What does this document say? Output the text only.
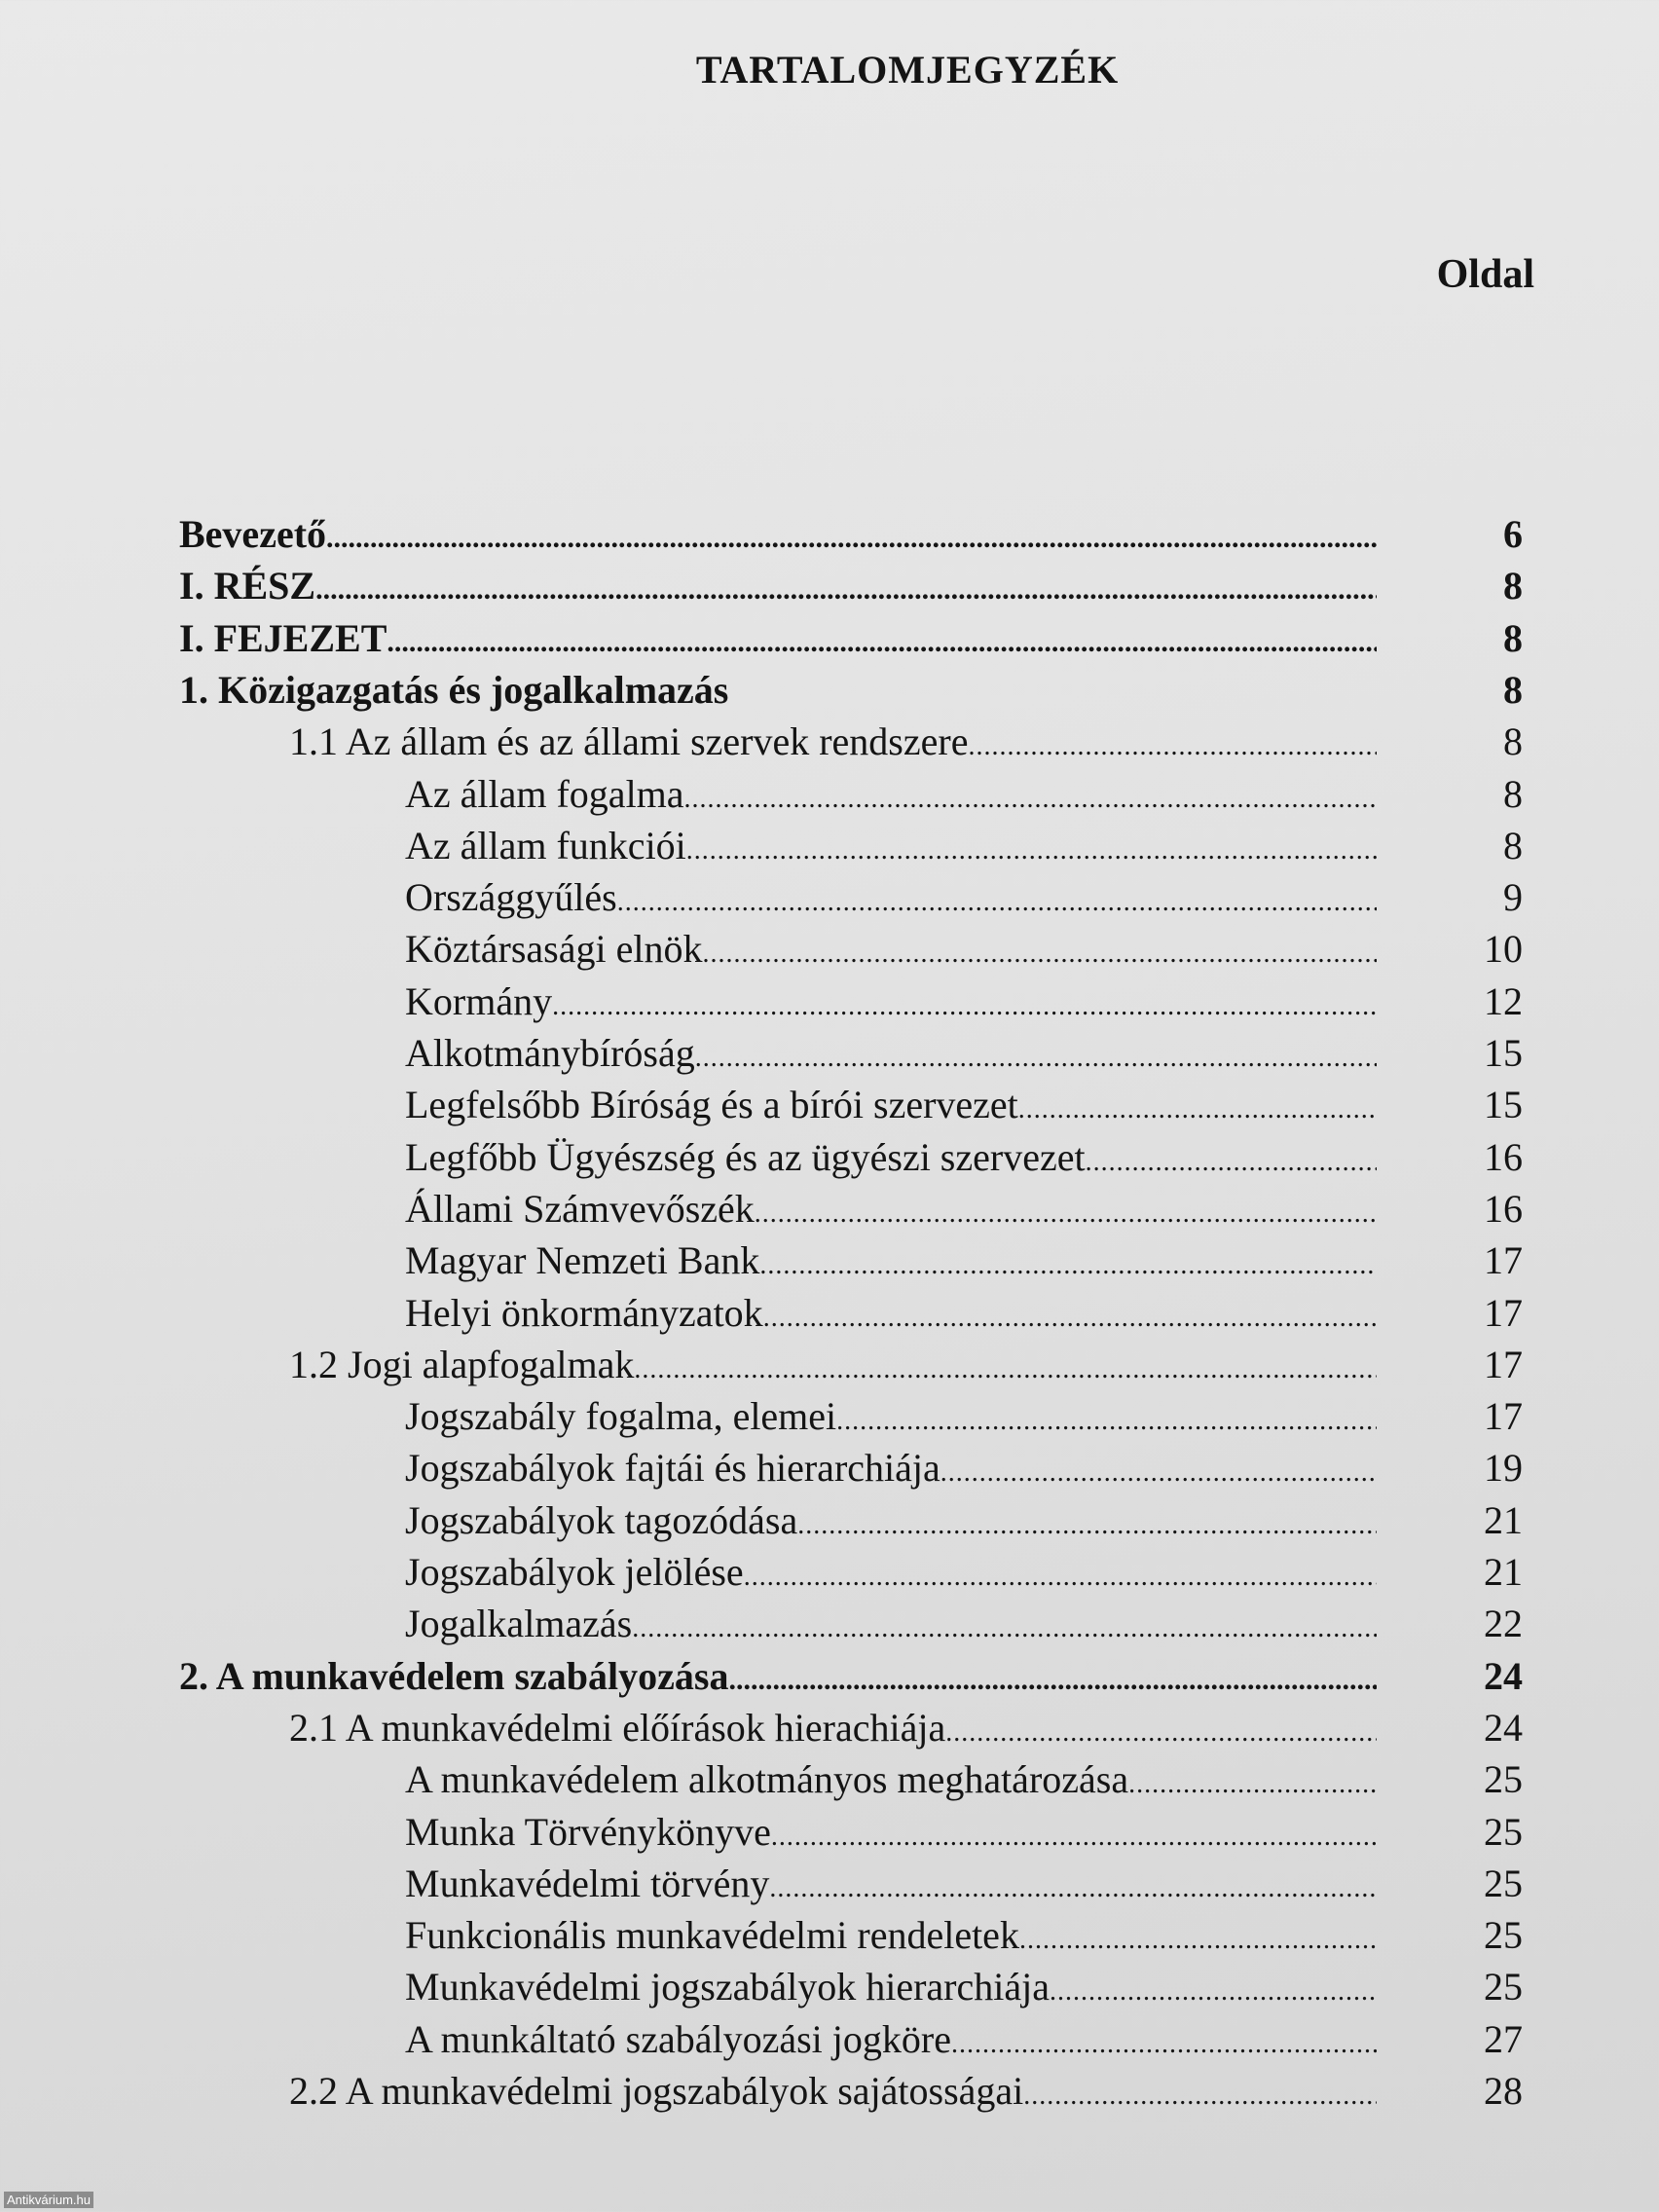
TARTALOMJEGYZÉK
Oldal
Bevezető .....	6
I. RÉSZ .....	8
I. FEJEZET .....	8
1. Közigazgatás és jogalkalmazás	8
1.1 Az állam és az állami szervek rendszere .....	8
Az állam fogalma .....	8
Az állam funkciói .....	8
Országgyűlés .....	9
Köztársasági elnök .....	10
Kormány .....	12
Alkotmánybíróság .....	15
Legfelsőbb Bíróság és a bírói szervezet .....	15
Legfőbb Ügyészség és az ügyészi szervezet .....	16
Állami Számvevőszék .....	16
Magyar Nemzeti Bank .....	17
Helyi önkormányzatok .....	17
1.2 Jogi alapfogalmak .....	17
Jogszabály fogalma, elemei .....	17
Jogszabályok fajtái és hierarchiája .....	19
Jogszabályok tagozódása .....	21
Jogszabályok jelölése .....	21
Jogalkalmazás .....	22
2. A munkavédelem szabályozása .....	24
2.1 A munkavédelmi előírások hierachiája .....	24
A munkavédelem alkotmányos meghatározása .....	25
Munka Törvénykönyve .....	25
Munkavédelmi törvény .....	25
Funkcionális munkavédelmi rendeletek .....	25
Munkavédelmi jogszabályok hierarchiája .....	25
A munkáltató szabályozási jogköre .....	27
2.2 A munkavédelmi jogszabályok sajátosságai .....	28
Antikvárium.hu
